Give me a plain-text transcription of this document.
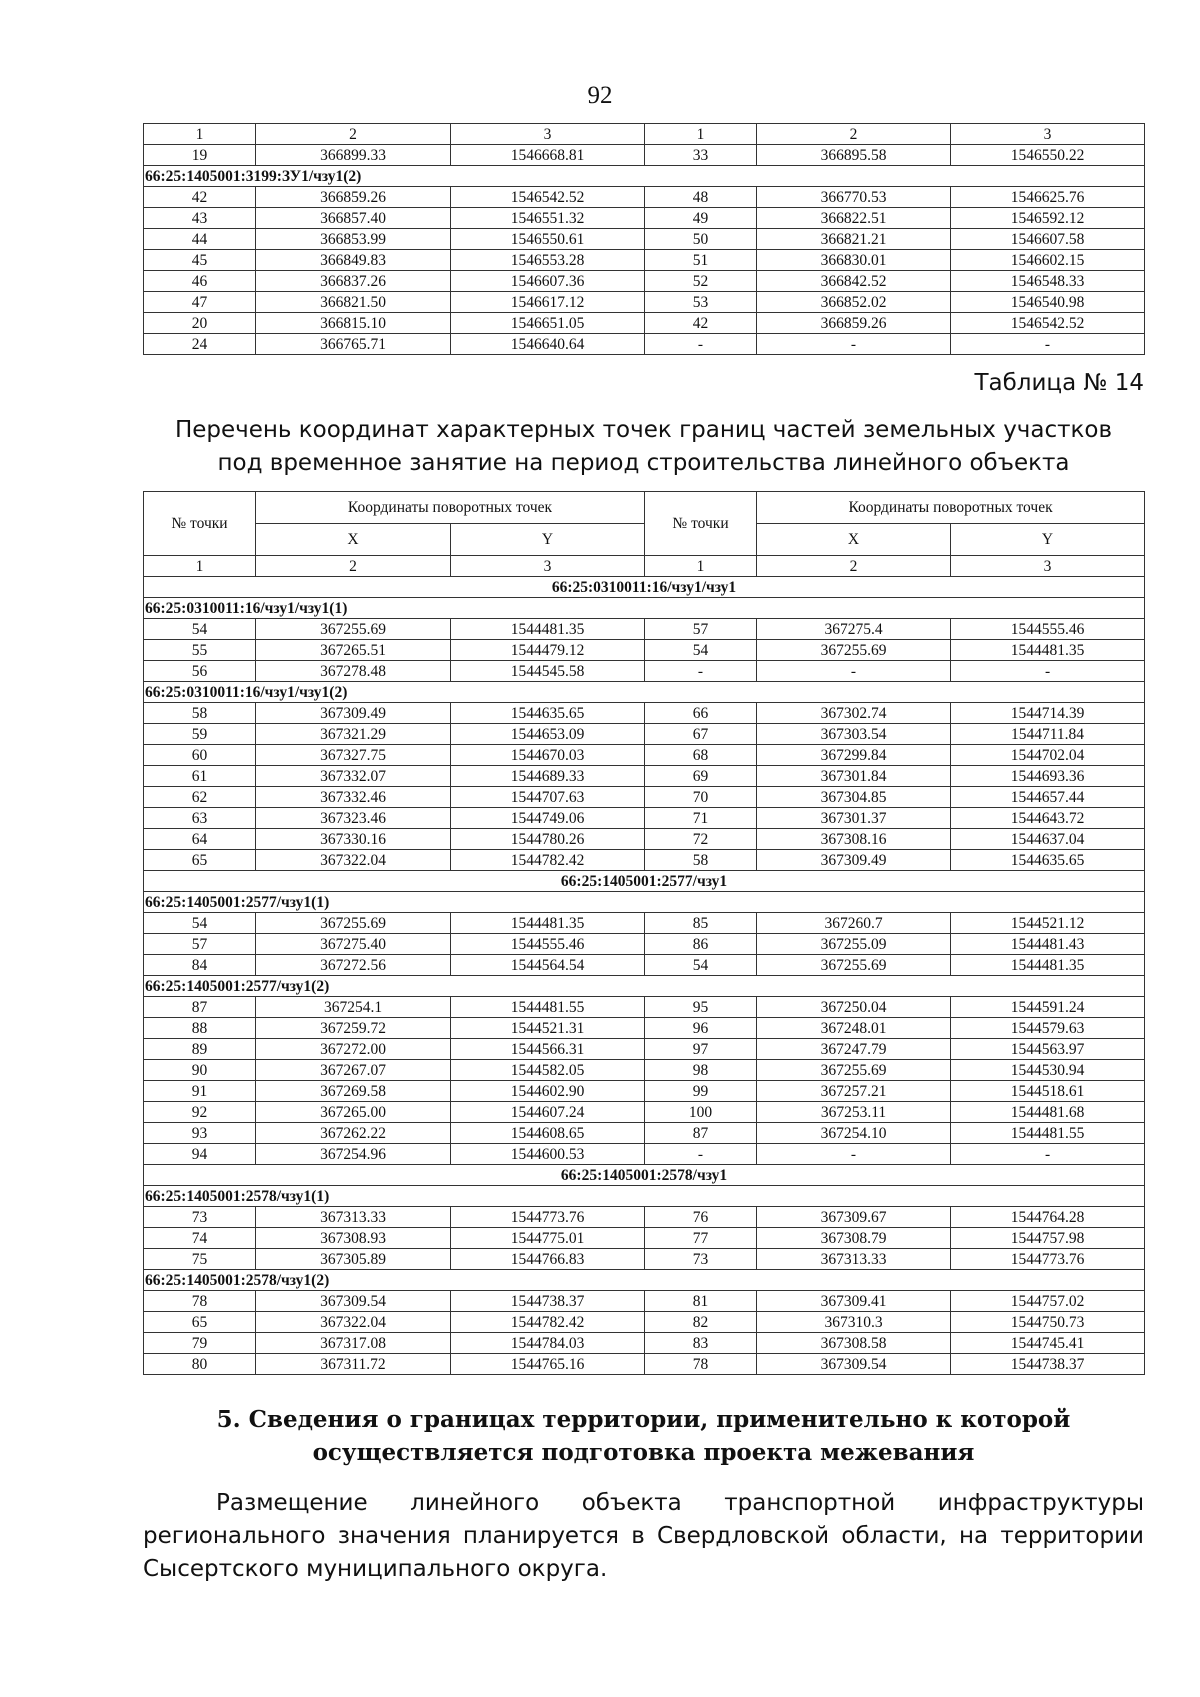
92
1	2	3	1	2	3
19	366899.33	1546668.81	33	366895.58	1546550.22
66:25:1405001:3199:ЗУ1/чзу1(2)					
42	366859.26	1546542.52	48	366770.53	1546625.76
43	366857.40	1546551.32	49	366822.51	1546592.12
44	366853.99	1546550.61	50	366821.21	1546607.58
45	366849.83	1546553.28	51	366830.01	1546602.15
46	366837.26	1546607.36	52	366842.52	1546548.33
47	366821.50	1546617.12	53	366852.02	1546540.98
20	366815.10	1546651.05	42	366859.26	1546542.52
24	366765.71	1546640.64	-	-	-
Таблица № 14
Перечень координат характерных точек границ частей земельных участков
под временное занятие на период строительства линейного объекта
№ точки	Координаты поворотных точек		№ точки	Координаты поворотных точек	
	X	Y		X	Y
1	2	3	1	2	3
66:25:0310011:16/чзу1/чзу1					
66:25:0310011:16/чзу1/чзу1(1)					
54	367255.69	1544481.35	57	367275.4	1544555.46
55	367265.51	1544479.12	54	367255.69	1544481.35
56	367278.48	1544545.58	-	-	-
66:25:0310011:16/чзу1/чзу1(2)					
58	367309.49	1544635.65	66	367302.74	1544714.39
59	367321.29	1544653.09	67	367303.54	1544711.84
60	367327.75	1544670.03	68	367299.84	1544702.04
61	367332.07	1544689.33	69	367301.84	1544693.36
62	367332.46	1544707.63	70	367304.85	1544657.44
63	367323.46	1544749.06	71	367301.37	1544643.72
64	367330.16	1544780.26	72	367308.16	1544637.04
65	367322.04	1544782.42	58	367309.49	1544635.65
66:25:1405001:2577/чзу1					
66:25:1405001:2577/чзу1(1)					
54	367255.69	1544481.35	85	367260.7	1544521.12
57	367275.40	1544555.46	86	367255.09	1544481.43
84	367272.56	1544564.54	54	367255.69	1544481.35
66:25:1405001:2577/чзу1(2)					
87	367254.1	1544481.55	95	367250.04	1544591.24
88	367259.72	1544521.31	96	367248.01	1544579.63
89	367272.00	1544566.31	97	367247.79	1544563.97
90	367267.07	1544582.05	98	367255.69	1544530.94
91	367269.58	1544602.90	99	367257.21	1544518.61
92	367265.00	1544607.24	100	367253.11	1544481.68
93	367262.22	1544608.65	87	367254.10	1544481.55
94	367254.96	1544600.53	-	-	-
66:25:1405001:2578/чзу1					
66:25:1405001:2578/чзу1(1)					
73	367313.33	1544773.76	76	367309.67	1544764.28
74	367308.93	1544775.01	77	367308.79	1544757.98
75	367305.89	1544766.83	73	367313.33	1544773.76
66:25:1405001:2578/чзу1(2)					
78	367309.54	1544738.37	81	367309.41	1544757.02
65	367322.04	1544782.42	82	367310.3	1544750.73
79	367317.08	1544784.03	83	367308.58	1544745.41
80	367311.72	1544765.16	78	367309.54	1544738.37
5. Сведения о границах территории, применительно к которой
осуществляется подготовка проекта межевания
Размещение линейного объекта транспортной инфраструктуры регионального значения планируется в Свердловской области, на территории Сысертского муниципального округа.
